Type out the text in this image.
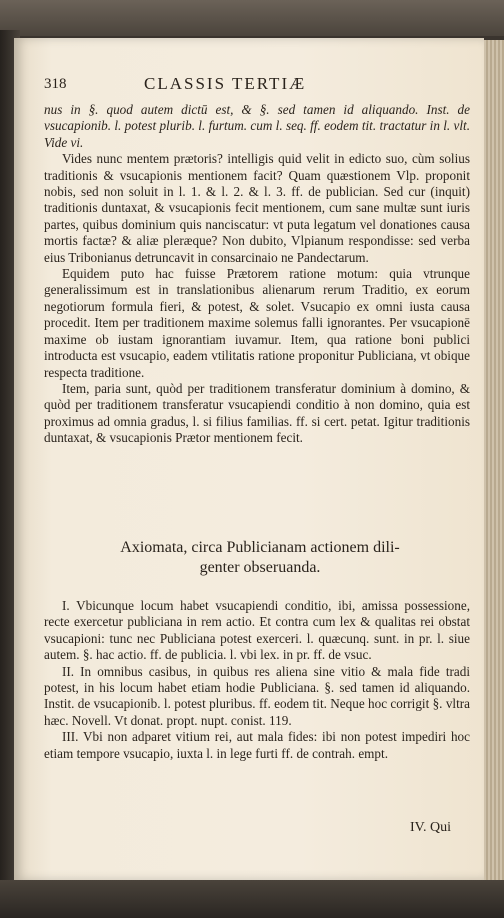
318	CLASSIS TERTIÆ

nus in §. quod autem dictū est, & §. sed tamen id aliquando. Inst. de vsucapionib. l. potest plurib. l. furtum. cum l. seq. ff. eodem tit. tractatur in l. vlt. Vide vi.

Vides nunc mentem prætoris? intelligis quid velit in edicto suo, cùm solius traditionis & vsucapionis mentionem facit? Quam quæstionem Vlp. proponit nobis, sed non soluit in l. 1. & l. 2. & l. 3. ff. de publician. Sed cur (inquit) traditionis duntaxat, & vsucapionis fecit mentionem, cum sane multæ sunt iuris partes, quibus dominium quis nanciscatur: vt puta legatum vel donationes causa mortis factæ? & aliæ pleræque? Non dubito, Vlpianum respondisse: sed verba eius Tribonianus detruncavit in consarcinaio ne Pandectarum.

Equidem puto hac fuisse Prætorem ratione motum: quia vtrunque generalissimum est in translationibus alienarum rerum Traditio, ex eorum negotiorum formula fieri, & potest, & solet. Vsucapio ex omni iusta causa procedit. Item per traditionem maxime solemus falli ignorantes. Per vsucapionē maxime ob iustam ignorantiam iuvamur. Item, qua ratione boni publici introducta est vsucapio, eadem vtilitatis ratione proponitur Publiciana, vt obique respecta traditione.

Item, paria sunt, quòd per traditionem transferatur dominium à domino, & quòd per traditionem transferatur vsucapiendi conditio à non domino, quia est proximus ad omnia gradus, l. si filius familias. ff. si cert. petat. Igitur traditionis duntaxat, & vsucapionis Prætor mentionem fecit.

Axiomata, circa Publicianam actionem dili-
genter obseruanda.

I. Vbicunque locum habet vsucapiendi conditio, ibi, amissa possessione, recte exercetur publiciana in rem actio. Et contra cum lex & qualitas rei obstat vsucapioni: tunc nec Publiciana potest exerceri. l. quæcunq. sunt. in pr. l. siue autem. §. hac actio. ff. de publicia. l. vbi lex. in pr. ff. de vsuc.

II. In omnibus casibus, in quibus res aliena sine vitio & mala fide tradi potest, in his locum habet etiam hodie Publiciana. §. sed tamen id aliquando. Instit. de vsucapionib. l. potest pluribus. ff. eodem tit. Neque hoc corrigit §. vltra hæc. Novell. Vt donat. propt. nupt. conist. 119.

III. Vbi non adparet vitium rei, aut mala fides: ibi non potest impediri hoc etiam tempore vsucapio, iuxta l. in lege furti ff. de contrah. empt.

IV. Qui
